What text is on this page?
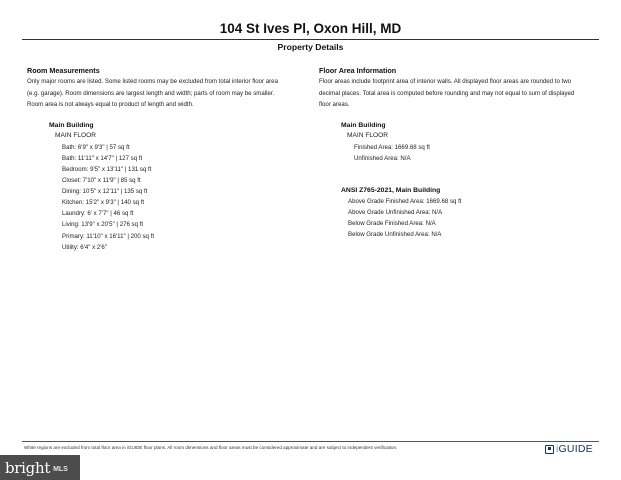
104 St Ives Pl, Oxon Hill, MD
Property Details
Room Measurements
Only major rooms are listed. Some listed rooms may be excluded from total interior floor area
(e.g. garage). Room dimensions are largest length and width; parts of room may be smaller.
Room area is not always equal to product of length and width.
Floor Area Information
Floor areas include footprint area of interior walls. All displayed floor areas are rounded to two
decimal places. Total area is computed before rounding and may not equal to sum of displayed
floor areas.
Main Building
MAIN FLOOR
Bath: 6'9" x 9'3" | 57 sq ft
Bath: 11'11" x 14'7" | 127 sq ft
Bedroom: 9'5" x 13'11" | 131 sq ft
Closet: 7'10" x 11'9" | 85 sq ft
Dining: 10'5" x 12'11" | 135 sq ft
Kitchen: 15'2" x 9'3" | 140 sq ft
Laundry: 6' x 7'7" | 46 sq ft
Living: 13'9" x 20'5" | 276 sq ft
Primary: 11'10" x 16'11" | 200 sq ft
Utility: 6'4" x 2'6"
Main Building
MAIN FLOOR
Finished Area: 1669.68 sq ft
Unfinished Area: N/A
ANSI Z765-2021, Main Building
Above Grade Finished Area: 1669.68 sq ft
Above Grade Unfinished Area: N/A
Below Grade Finished Area: N/A
Below Grade Unfinished Area: N/A
White regions are excluded from total floor area in iGUIDE floor plans. All room dimensions and floor areas must be considered approximate and are subject to independent verification.	iGUIDE
bright MLS
